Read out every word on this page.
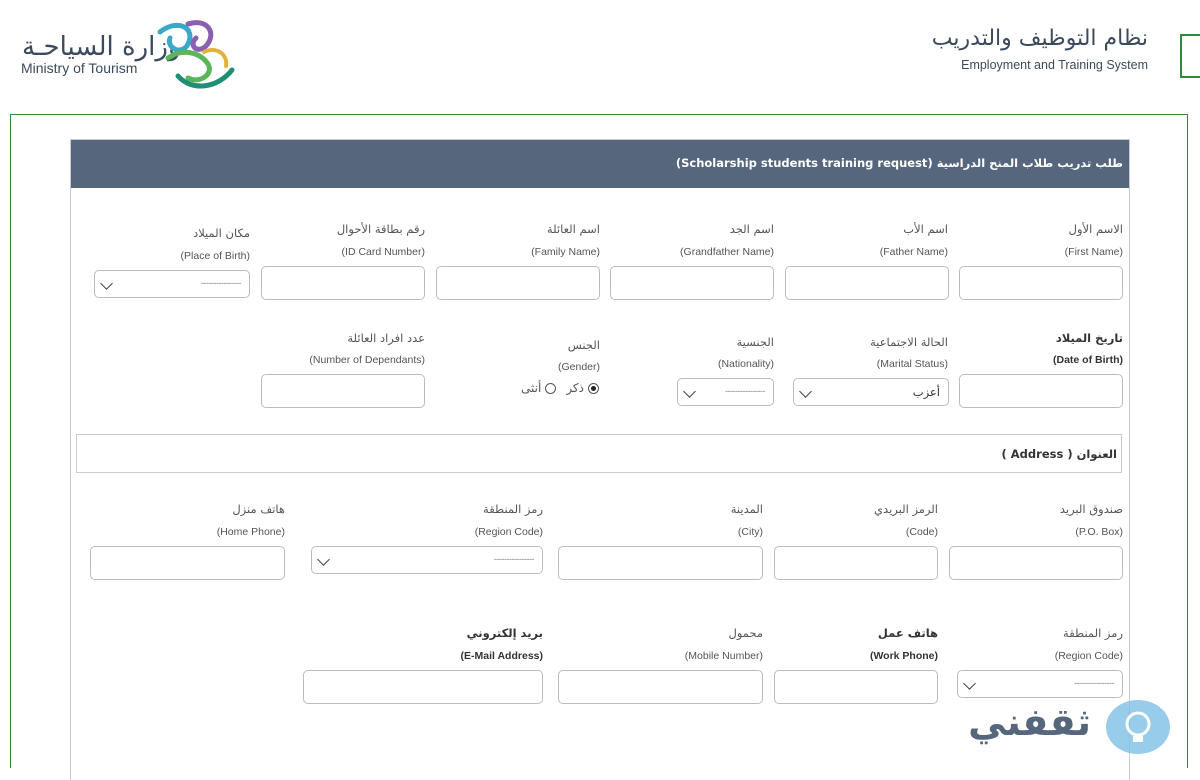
وزارة السياحـة
Ministry of Tourism
نظام التوظيف والتدريب
Employment and Training System
طلب تدريب طلاب المنح الدراسية (Scholarship students training request)
الاسم الأول
(First Name)
اسم الأب
(Father Name)
اسم الجد
(Grandfather Name)
اسم العائلة
(Family Name)
رقم بطاقة الأحوال
(ID Card Number)
مكان الميلاد
(Place of Birth)
----------------
تاريخ الميلاد
(Date of Birth)
الحالة الاجتماعية
(Marital Status)
أعزب
الجنسية
(Nationality)
----------------
الجنس
(Gender)
ذكر
أنثى
عدد افراد العائلة
(Number of Dependants)
العنوان ( Address )
صندوق البريد
(P.O. Box)
الرمز البريدي
(Code)
المدينة
(City)
رمز المنطقة
(Region Code)
----------------
هاتف منزل
(Home Phone)
رمز المنطقة
(Region Code)
----------------
هاتف عمل
(Work Phone)
محمول
(Mobile Number)
بريد إلكتروني
(E-Mail Address)
ثقفني
